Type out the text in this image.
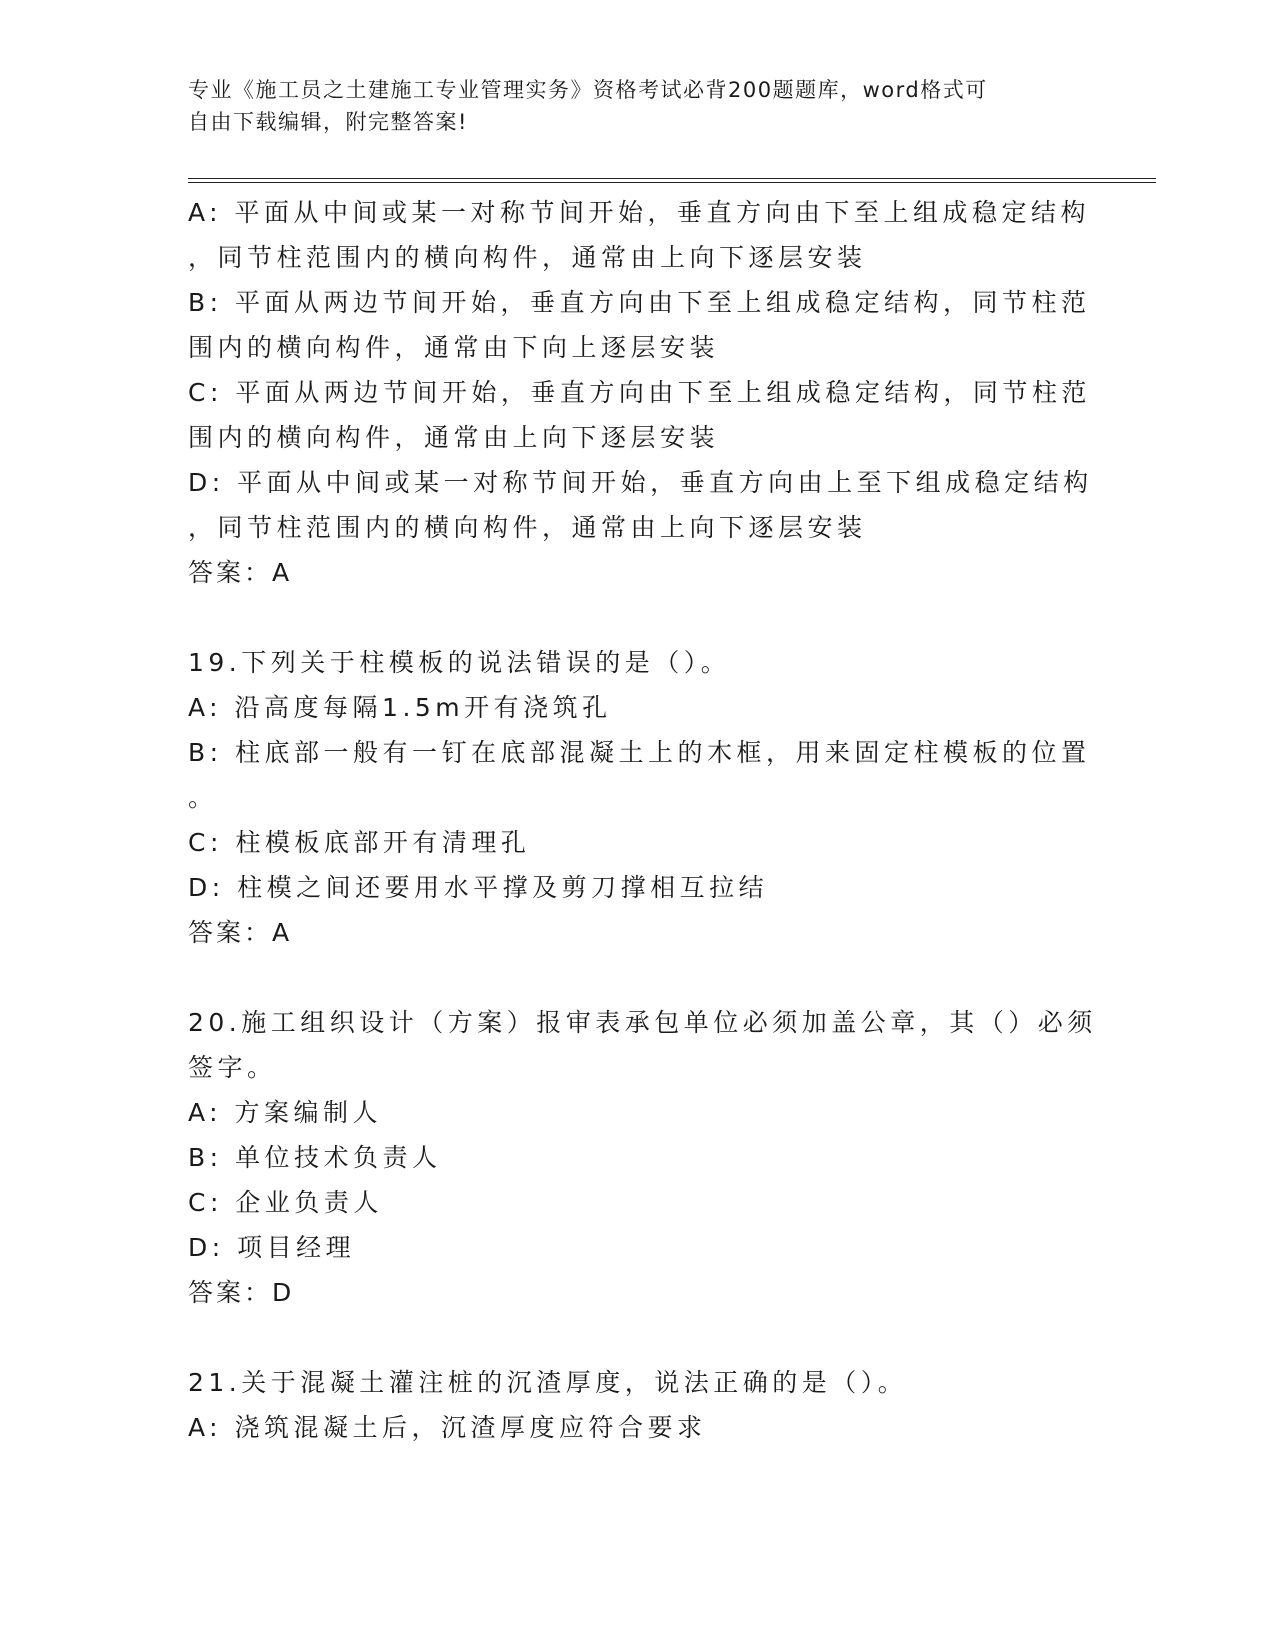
专业《施工员之土建施工专业管理实务》资格考试必背200题题库，word格式可
自由下载编辑，附完整答案!
A: 平面从中间或某一对称节间开始，垂直方向由下至上组成稳定结构
，同节柱范围内的横向构件，通常由上向下逐层安装
B: 平面从两边节间开始，垂直方向由下至上组成稳定结构，同节柱范
围内的横向构件，通常由下向上逐层安装
C: 平面从两边节间开始，垂直方向由下至上组成稳定结构，同节柱范
围内的横向构件，通常由上向下逐层安装
D: 平面从中间或某一对称节间开始，垂直方向由上至下组成稳定结构
，同节柱范围内的横向构件，通常由上向下逐层安装
答案：A
19.下列关于柱模板的说法错误的是（）。
A: 沿高度每隔1.5m开有浇筑孔
B: 柱底部一般有一钉在底部混凝土上的木框，用来固定柱模板的位置
。
C: 柱模板底部开有清理孔
D: 柱模之间还要用水平撑及剪刀撑相互拉结
答案：A
20.施工组织设计（方案）报审表承包单位必须加盖公章，其（）必须
签字。
A: 方案编制人
B: 单位技术负责人
C: 企业负责人
D: 项目经理
答案：D
21.关于混凝土灌注桩的沉渣厚度，说法正确的是（）。
A: 浇筑混凝土后，沉渣厚度应符合要求
